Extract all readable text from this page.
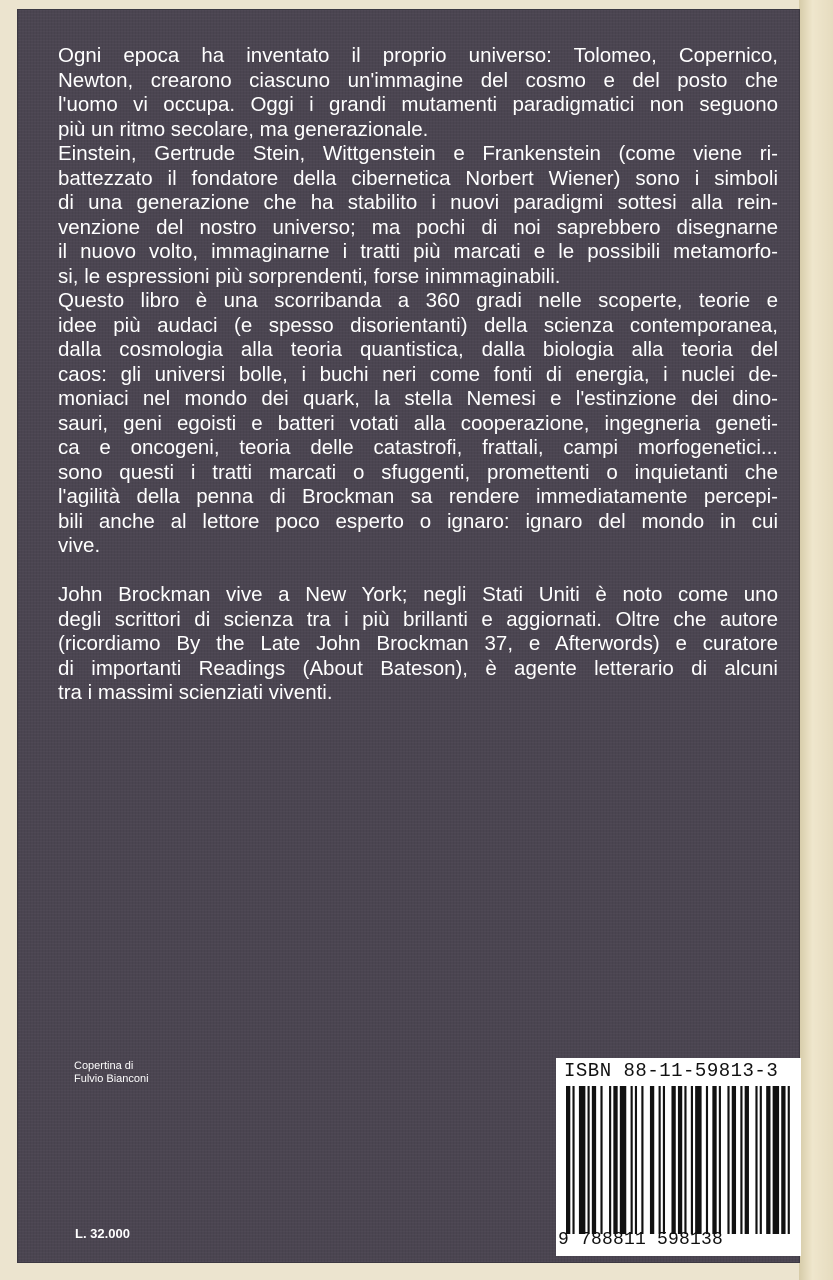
Ogni epoca ha inventato il proprio universo: Tolomeo, Copernico,
Newton, crearono ciascuno un'immagine del cosmo e del posto che
l'uomo vi occupa. Oggi i grandi mutamenti paradigmatici non seguono
più un ritmo secolare, ma generazionale.
Einstein, Gertrude Stein, Wittgenstein e Frankenstein (come viene ri-
battezzato il fondatore della cibernetica Norbert Wiener) sono i simboli
di una generazione che ha stabilito i nuovi paradigmi sottesi alla rein-
venzione del nostro universo; ma pochi di noi saprebbero disegnarne
il nuovo volto, immaginarne i tratti più marcati e le possibili metamorfo-
si, le espressioni più sorprendenti, forse inimmaginabili.
Questo libro è una scorribanda a 360 gradi nelle scoperte, teorie e
idee più audaci (e spesso disorientanti) della scienza contemporanea,
dalla cosmologia alla teoria quantistica, dalla biologia alla teoria del
caos: gli universi bolle, i buchi neri come fonti di energia, i nuclei de-
moniaci nel mondo dei quark, la stella Nemesi e l'estinzione dei dino-
sauri, geni egoisti e batteri votati alla cooperazione, ingegneria geneti-
ca e oncogeni, teoria delle catastrofi, frattali, campi morfogenetici...
sono questi i tratti marcati o sfuggenti, promettenti o inquietanti che
l'agilità della penna di Brockman sa rendere immediatamente percepi-
bili anche al lettore poco esperto o ignaro: ignaro del mondo in cui
vive.
John Brockman vive a New York; negli Stati Uniti è noto come uno
degli scrittori di scienza tra i più brillanti e aggiornati. Oltre che autore
(ricordiamo By the Late John Brockman 37, e Afterwords) e curatore
di importanti Readings (About Bateson), è agente letterario di alcuni
tra i massimi scienziati viventi.
Copertina di
Fulvio Bianconi
L. 32.000
ISBN 88-11-59813-3
9 788811 598138
